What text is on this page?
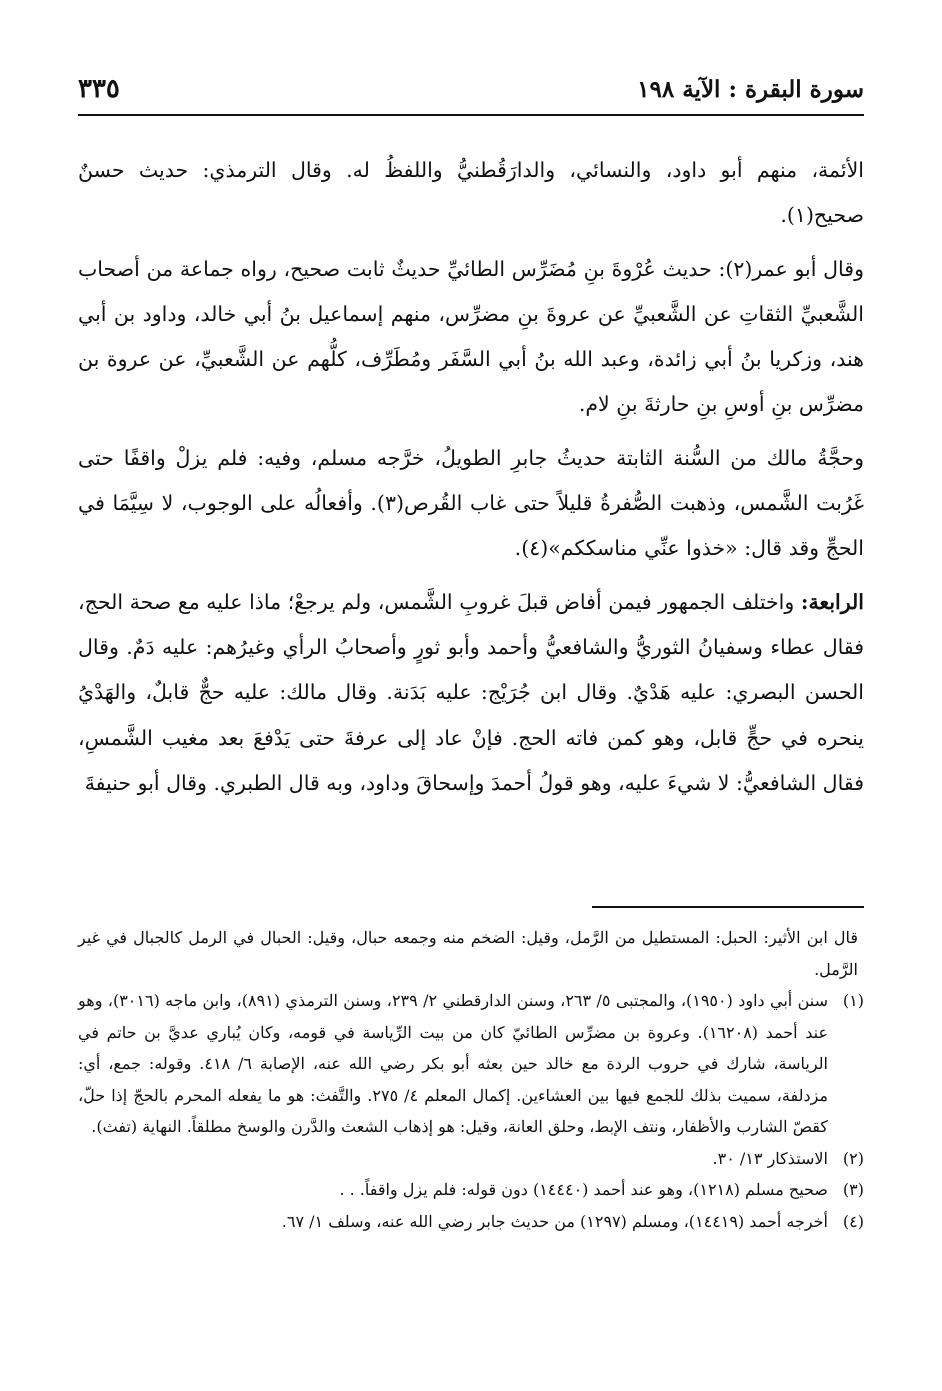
سورة البقرة : الآية ١٩٨
٣٣٥

الأئمة، منهم أبو داود، والنسائي، والدارَقُطنيُّ واللفظُ له. وقال الترمذي: حديث حسنٌ صحيح(١).

وقال أبو عمر(٢): حديث عُرْوةَ بنِ مُضَرِّس الطائيِّ حديثٌ ثابت صحيح، رواه جماعة من أصحاب الشَّعبيِّ الثقاتِ عن الشَّعبيِّ عن عروةَ بنِ مضرِّس، منهم إسماعيل بنُ أبي خالد، وداود بن أبي هند، وزكريا بنُ أبي زائدة، وعبد الله بنُ أبي السَّفَر ومُطَرِّف، كلُّهم عن الشَّعبيِّ، عن عروة بن مضرِّس بنِ أوسِ بنِ حارثةَ بنِ لام.

وحجَّةُ مالك من السُّنة الثابتة حديثُ جابرِ الطويلُ، خرَّجه مسلم، وفيه: فلم يزلْ واقفًا حتى غَرُبت الشَّمس، وذهبت الصُّفرةُ قليلاً حتى غاب القُرص(٣). وأفعالُه على الوجوب، لا سِيَّمَا في الحجِّ وقد قال: «خذوا عنِّي مناسككم»(٤).

الرابعة: واختلف الجمهور فيمن أفاض قبلَ غروبِ الشَّمس، ولم يرجعْ؛ ماذا عليه مع صحة الحج، فقال عطاء وسفيانُ الثوريُّ والشافعيُّ وأحمد وأبو ثورٍ وأصحابُ الرأي وغيرُهم: عليه دَمٌ. وقال الحسن البصري: عليه هَدْيٌ. وقال ابن جُرَيْج: عليه بَدَنة. وقال مالك: عليه حجٌّ قابلٌ، والهَدْيُ ينحره في حجٍّ قابل، وهو كمن فاته الحج. فإنْ عاد إلى عرفةَ حتى يَدْفعَ بعد مغيب الشَّمسِ، فقال الشافعيُّ: لا شيءَ عليه، وهو قولُ أحمدَ وإسحاقَ وداود، وبه قال الطبري. وقال أبو حنيفةَ

قال ابن الأثير: الحبل: المستطيل من الرَّمل، وقيل: الضخم منه وجمعه حبال، وقيل: الحبال في الرمل كالجبال في غير الرَّمل.

(١)
سنن أبي داود (١٩٥٠)، والمجتبى ٥/ ٢٦٣، وسنن الدارقطني ٢/ ٢٣٩، وسنن الترمذي (٨٩١)، وابن ماجه (٣٠١٦)، وهو عند أحمد (١٦٢٠٨). وعروة بن مضرِّس الطائيّ كان من بيت الرِّياسة في قومه، وكان يُباري عديَّ بن حاتم في الرياسة، شارك في حروب الردة مع خالد حين بعثه أبو بكر رضي الله عنه، الإصابة ٦/ ٤١٨. وقوله: جمع، أي: مزدلفة، سميت بذلك للجمع فيها بين العشاءين. إكمال المعلم ٤/ ٢٧٥. والتَّفث: هو ما يفعله المحرم بالحجّ إذا حلّ، كقصّ الشارب والأظفار، ونتف الإبط، وحلق العانة، وقيل: هو إذهاب الشعث والدَّرن والوسخ مطلقاً. النهاية (تفث).

(٢)
الاستذكار ١٣/ ٣٠.

(٣)
صحيح مسلم (١٢١٨)، وهو عند أحمد (١٤٤٤٠) دون قوله: فلم يزل واقفاً. . .

(٤)
أخرجه أحمد (١٤٤١٩)، ومسلم (١٢٩٧) من حديث جابر رضي الله عنه، وسلف ١/ ٦٧.
